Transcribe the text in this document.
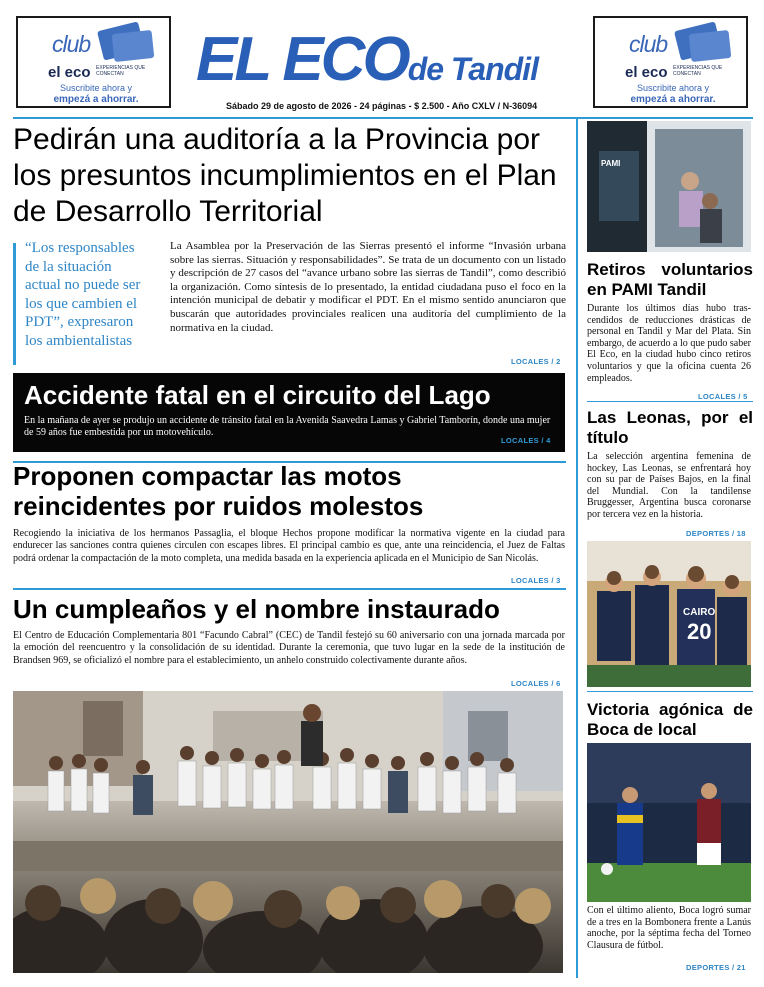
club
el eco EXPERIENCIAS QUE CONECTAN
Suscribite ahora y
empezá a ahorrar.
EL ECOde Tandil
Sábado 29 de agosto de 2026 - 24 páginas - $ 2.500 - Año CXLV / N-36094
club
el eco EXPERIENCIAS QUE CONECTAN
Suscribite ahora y
empezá a ahorrar.
Pedirán una auditoría a la Provincia por los presuntos incumplimientos en el Plan de Desarrollo Territorial

“Los responsables de la situación actual no puede ser los que cambien el PDT”, expresaron los ambientalistas

La Asamblea por la Preservación de las Sierras presentó el informe “Invasión urbana sobre las sierras. Situación y responsabilidades”. Se trata de un documento con un listado y descripción de 27 casos del “avance urbano sobre las sierras de Tandil”, como describió la organización. Como síntesis de lo presentado, la entidad ciudadana puso el foco en la intención municipal de debatir y modificar el PDT. En el mismo sentido anunciaron que buscarán que autoridades provinciales realicen una auditoría del cumplimiento de la normativa en la ciudad.

LOCALES / 2
Accidente fatal en el circuito del Lago

En la mañana de ayer se produjo un accidente de tránsito fatal en la Avenida Saavedra Lamas y Gabriel Tamborín, donde una mujer de 59 años fue embestida por un motovehículo.

LOCALES / 4
Proponen compactar las motos reincidentes por ruidos molestos

Recogiendo la iniciativa de los hermanos Passaglia, el bloque Hechos propone modificar la normativa vigente en la ciudad para endurecer las sanciones contra quienes circulen con escapes libres. El principal cambio es que, ante una reincidencia, el Juez de Faltas podrá ordenar la compactación de la moto completa, una medida basada en la experiencia aplicada en el Municipio de San Nicolás.

LOCALES / 3
Un cumpleaños y el nombre instaurado

El Centro de Educación Complementaria 801 “Facundo Cabral” (CEC) de Tandil festejó su 60 aniversario con una jornada marcada por la emoción del reencuentro y la consolidación de su identidad. Durante la ceremonia, que tuvo lugar en la sede de la institución de Brandsen 969, se oficializó el nombre para el establecimiento, un anhelo construido colectivamente durante años.

LOCALES / 6
PAMI
Retiros voluntarios en PAMI Tandil

Durante los últimos días hubo trascendidos de reducciones drásticas de personal en Tandil y Mar del Plata. Sin embargo, de acuerdo a lo que pudo saber El Eco, en la ciudad hubo cinco retiros voluntarios y que la oficina cuenta 26 empleados.

LOCALES / 5
Las Leonas, por el título

La selección argentina femenina de hockey, Las Leonas, se enfrentará hoy con su par de Países Bajos, en la final del Mundial. Con la tandilense Bruggesser, Argentina busca coronarse por tercera vez en la historia.

DEPORTES / 18
CAIRO
20
Victoria agónica de Boca de local

Con el último aliento, Boca logró sumar de a tres en la Bombonera frente a Lanús anoche, por la séptima fecha del Torneo Clausura de fútbol.

DEPORTES / 21
